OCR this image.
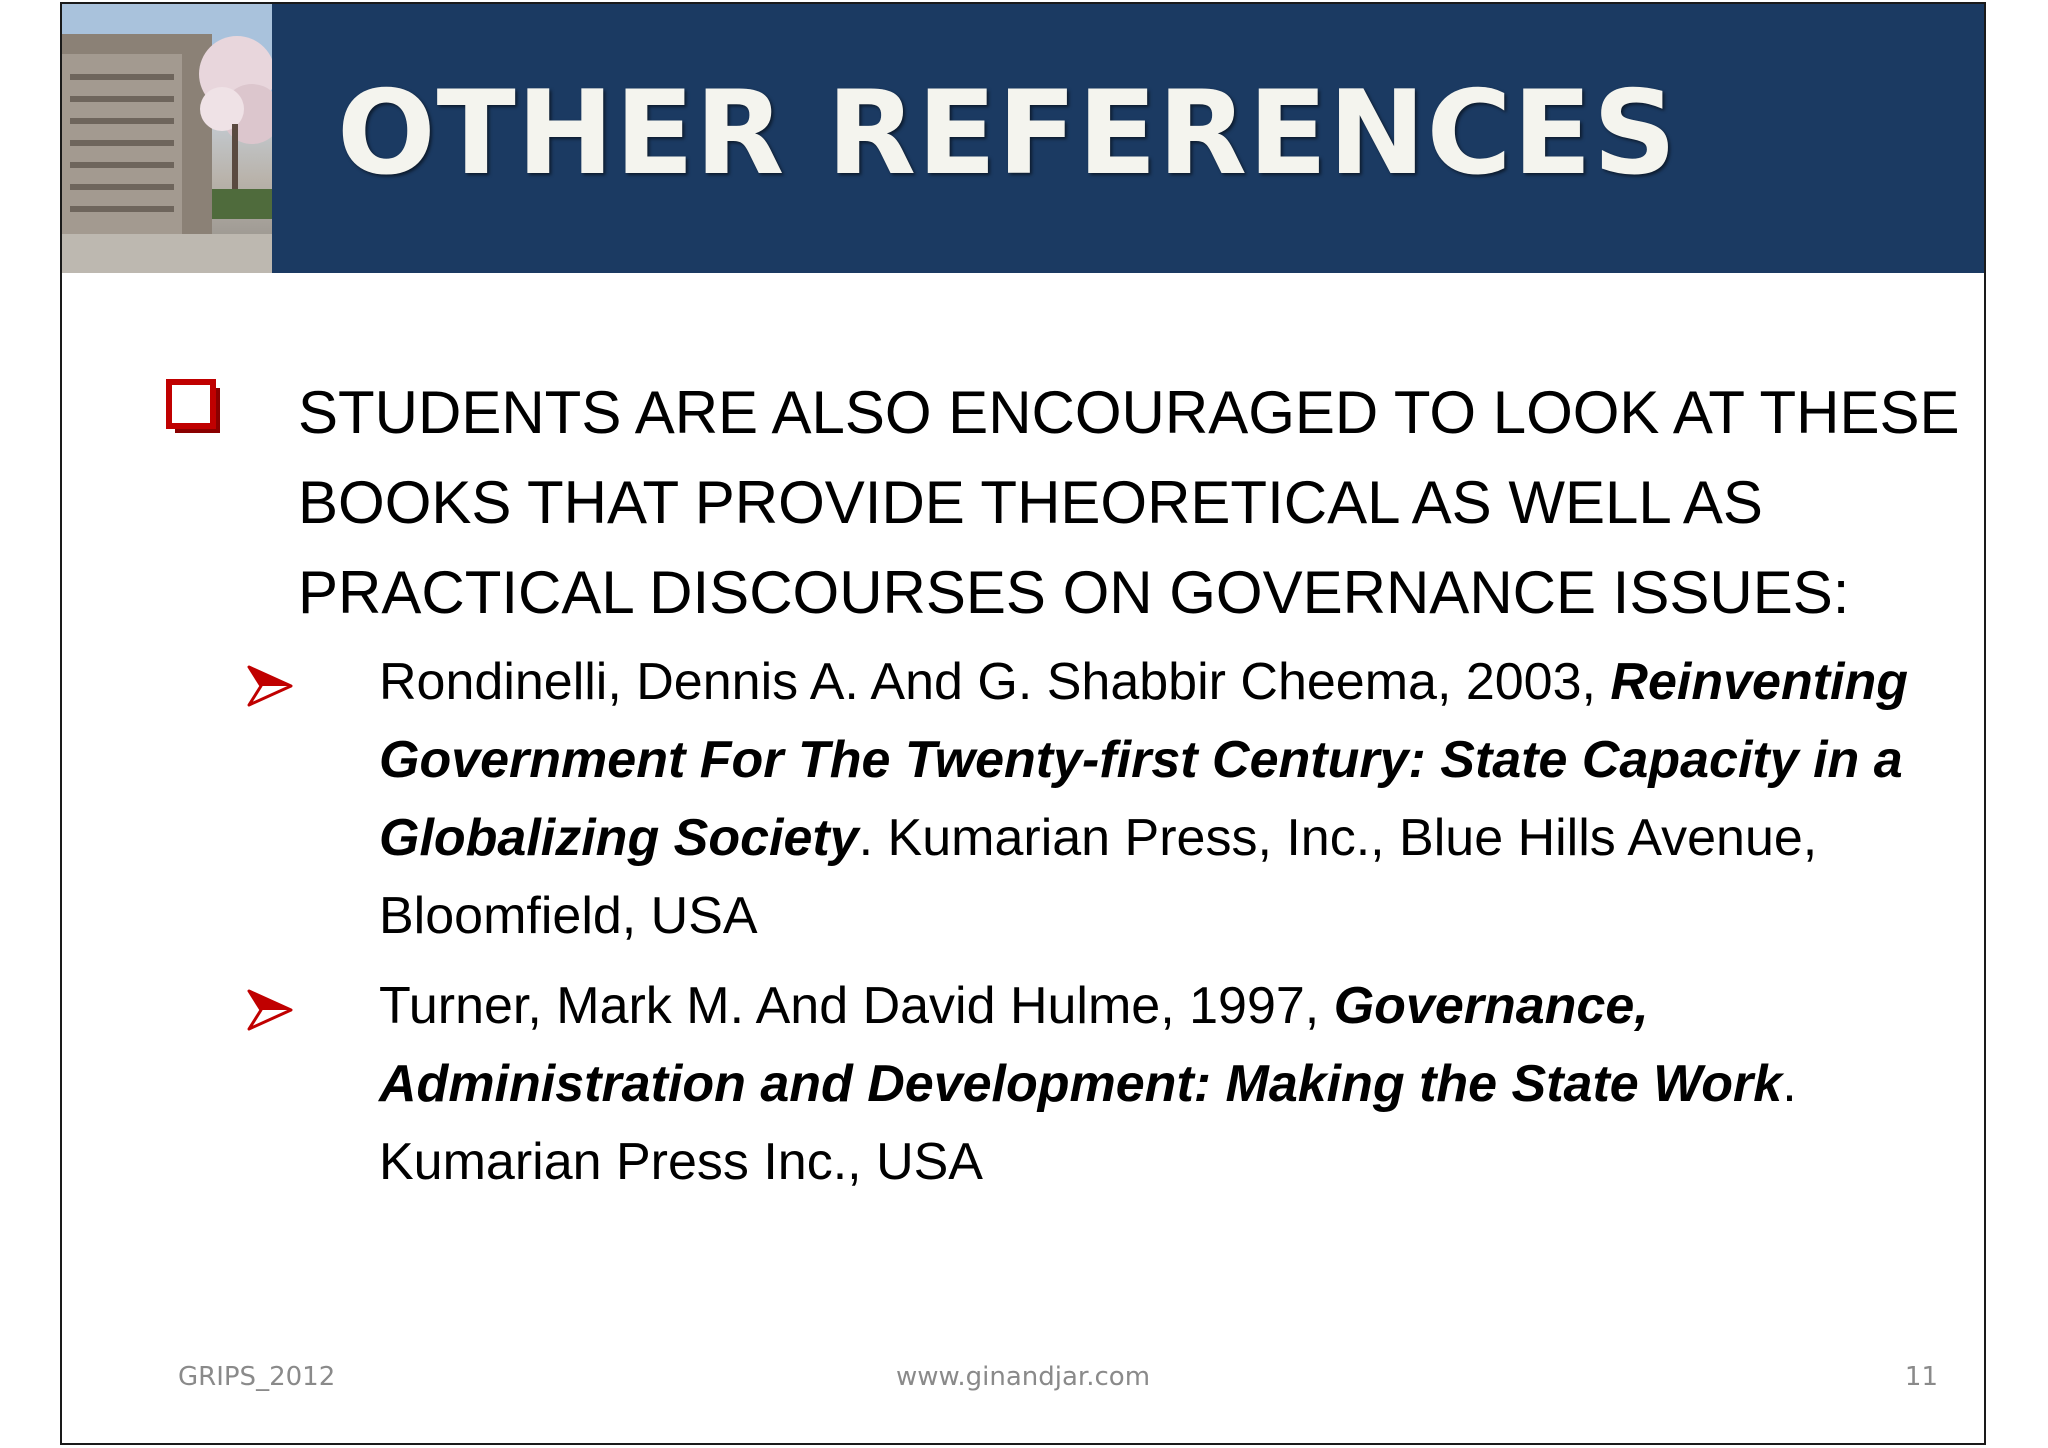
OTHER REFERENCES

STUDENTS ARE ALSO ENCOURAGED TO LOOK AT THESE BOOKS THAT PROVIDE THEORETICAL AS WELL AS PRACTICAL DISCOURSES ON GOVERNANCE ISSUES:

Rondinelli, Dennis A. And G. Shabbir Cheema, 2003, Reinventing Government For The Twenty-first Century: State Capacity in a Globalizing Society. Kumarian Press, Inc., Blue Hills Avenue, Bloomfield, USA

Turner, Mark M. And David Hulme, 1997, Governance, Administration and Development: Making the State Work. Kumarian Press Inc., USA

GRIPS_2012	www.ginandjar.com	11
